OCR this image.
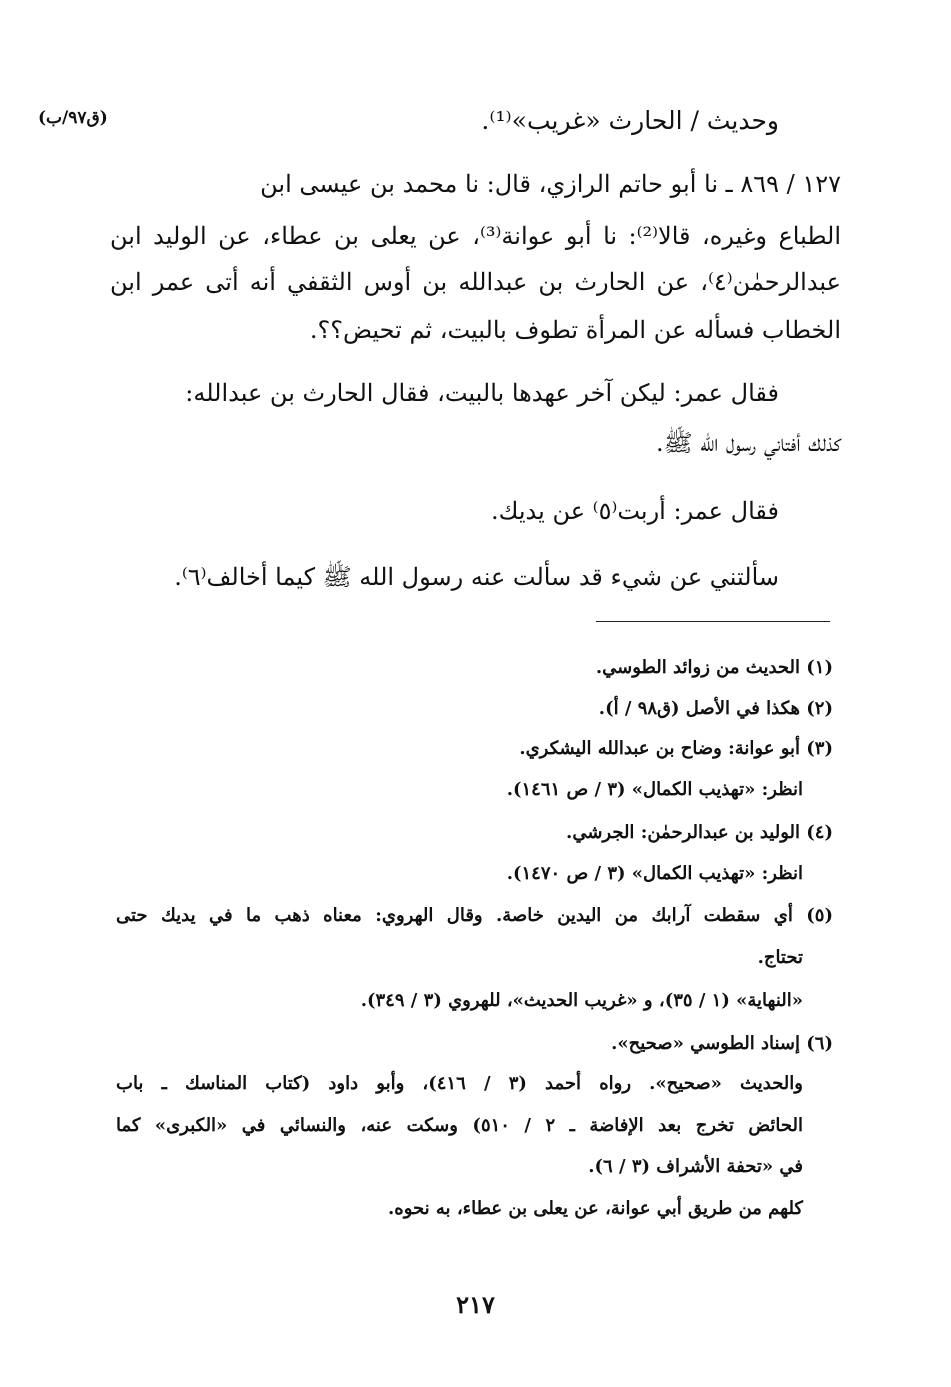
وحديث / الحارث «غريب»⁽¹⁾.

(ق٩٧/ب)

١٢٧ / ٨٦٩ ـ نا أبو حاتم الرازي، قال: نا محمد بن عيسى ابن

الطباع وغيره، قالا⁽²⁾: نا أبو عوانة⁽³⁾، عن يعلى بن عطاء، عن الوليد ابن

عبدالرحمٰن⁽٤⁾، عن الحارث بن عبدالله بن أوس الثقفي أنه أتى عمر ابن

الخطاب فسأله عن المرأة تطوف بالبيت، ثم تحيض؟؟.

فقال عمر: ليكن آخر عهدها بالبيت، فقال الحارث بن عبدالله:

كذلك أفتاني رسول الله ﷺ.

فقال عمر: أربت⁽٥⁾ عن يديك.

سألتني عن شيء قد سألت عنه رسول الله ﷺ كيما أخالف⁽٦⁾.

(١) الحديث من زوائد الطوسي.

(٢) هكذا في الأصل (ق٩٨ / أ).

(٣) أبو عوانة: وضاح بن عبدالله اليشكري.

انظر: «تهذيب الكمال» (٣ / ص ١٤٦١).

(٤) الوليد بن عبدالرحمٰن: الجرشي.

انظر: «تهذيب الكمال» (٣ / ص ١٤٧٠).

(٥) أي سقطت آرابك من اليدين خاصة. وقال الهروي: معناه ذهب ما في يديك حتى

تحتاج.

«النهاية» (١ / ٣٥)، و «غريب الحديث»، للهروي (٣ / ٣٤٩).

(٦) إسناد الطوسي «صحيح».

والحديث «صحيح». رواه أحمد (٣ / ٤١٦)، وأبو داود (كتاب المناسك ـ باب

الحائض تخرج بعد الإفاضة ـ ٢ / ٥١٠) وسكت عنه، والنسائي في «الكبرى» كما

في «تحفة الأشراف (٣ / ٦).

كلهم من طريق أبي عوانة، عن يعلى بن عطاء، به نحوه.

٢١٧
